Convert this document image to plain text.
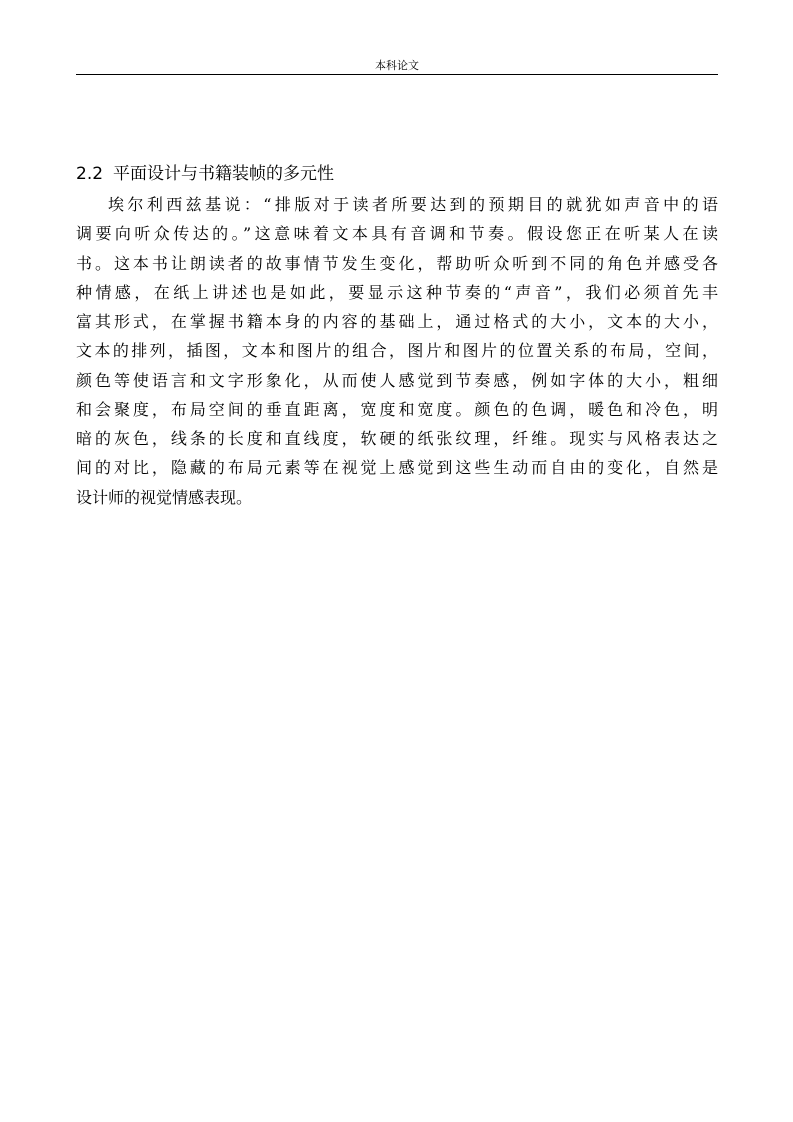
本科论文
2.2 平面设计与书籍装帧的多元性
埃尔利西兹基说：“排版对于读者所要达到的预期目的就犹如声音中的语
调要向听众传达的。”这意味着文本具有音调和节奏。假设您正在听某人在读
书。这本书让朗读者的故事情节发生变化，帮助听众听到不同的角色并感受各
种情感，在纸上讲述也是如此，要显示这种节奏的“声音”，我们必须首先丰
富其形式，在掌握书籍本身的内容的基础上，通过格式的大小，文本的大小，
文本的排列，插图，文本和图片的组合，图片和图片的位置关系的布局，空间，
颜色等使语言和文字形象化，从而使人感觉到节奏感，例如字体的大小，粗细
和会聚度，布局空间的垂直距离，宽度和宽度。颜色的色调，暖色和冷色，明
暗的灰色，线条的长度和直线度，软硬的纸张纹理，纤维。现实与风格表达之
间的对比，隐藏的布局元素等在视觉上感觉到这些生动而自由的变化，自然是
设计师的视觉情感表现。
